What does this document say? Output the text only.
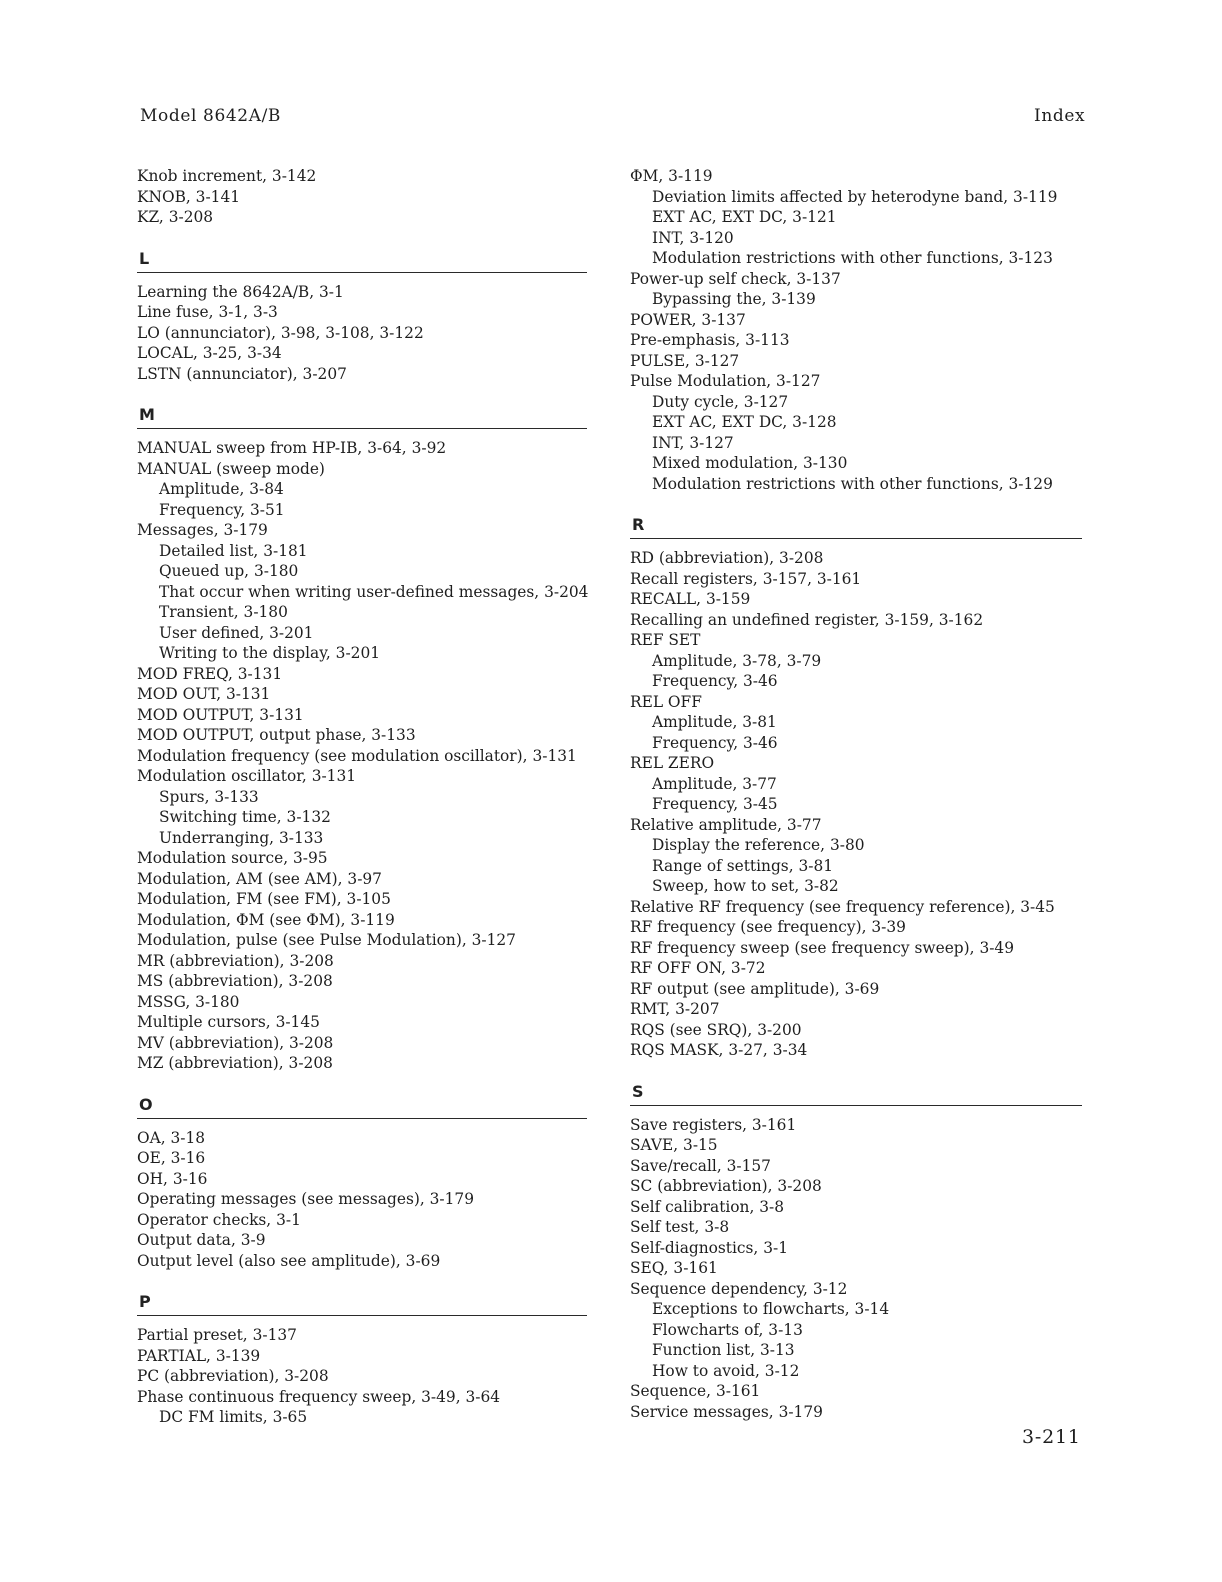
Model 8642A/B	Index
Knob increment, 3-142
KNOB, 3-141
KZ, 3-208
L
Learning the 8642A/B, 3-1
Line fuse, 3-1, 3-3
LO (annunciator), 3-98, 3-108, 3-122
LOCAL, 3-25, 3-34
LSTN (annunciator), 3-207
M
MANUAL sweep from HP-IB, 3-64, 3-92
MANUAL (sweep mode)
Amplitude, 3-84
Frequency, 3-51
Messages, 3-179
Detailed list, 3-181
Queued up, 3-180
That occur when writing user-defined messages, 3-204
Transient, 3-180
User defined, 3-201
Writing to the display, 3-201
MOD FREQ, 3-131
MOD OUT, 3-131
MOD OUTPUT, 3-131
MOD OUTPUT, output phase, 3-133
Modulation frequency (see modulation oscillator), 3-131
Modulation oscillator, 3-131
Spurs, 3-133
Switching time, 3-132
Underranging, 3-133
Modulation source, 3-95
Modulation, AM (see AM), 3-97
Modulation, FM (see FM), 3-105
Modulation, ΦM (see ΦM), 3-119
Modulation, pulse (see Pulse Modulation), 3-127
MR (abbreviation), 3-208
MS (abbreviation), 3-208
MSSG, 3-180
Multiple cursors, 3-145
MV (abbreviation), 3-208
MZ (abbreviation), 3-208
O
OA, 3-18
OE, 3-16
OH, 3-16
Operating messages (see messages), 3-179
Operator checks, 3-1
Output data, 3-9
Output level (also see amplitude), 3-69
P
Partial preset, 3-137
PARTIAL, 3-139
PC (abbreviation), 3-208
Phase continuous frequency sweep, 3-49, 3-64
DC FM limits, 3-65
ΦM, 3-119
Deviation limits affected by heterodyne band, 3-119
EXT AC, EXT DC, 3-121
INT, 3-120
Modulation restrictions with other functions, 3-123
Power-up self check, 3-137
Bypassing the, 3-139
POWER, 3-137
Pre-emphasis, 3-113
PULSE, 3-127
Pulse Modulation, 3-127
Duty cycle, 3-127
EXT AC, EXT DC, 3-128
INT, 3-127
Mixed modulation, 3-130
Modulation restrictions with other functions, 3-129
R
RD (abbreviation), 3-208
Recall registers, 3-157, 3-161
RECALL, 3-159
Recalling an undefined register, 3-159, 3-162
REF SET
Amplitude, 3-78, 3-79
Frequency, 3-46
REL OFF
Amplitude, 3-81
Frequency, 3-46
REL ZERO
Amplitude, 3-77
Frequency, 3-45
Relative amplitude, 3-77
Display the reference, 3-80
Range of settings, 3-81
Sweep, how to set, 3-82
Relative RF frequency (see frequency reference), 3-45
RF frequency (see frequency), 3-39
RF frequency sweep (see frequency sweep), 3-49
RF OFF ON, 3-72
RF output (see amplitude), 3-69
RMT, 3-207
RQS (see SRQ), 3-200
RQS MASK, 3-27, 3-34
S
Save registers, 3-161
SAVE, 3-15
Save/recall, 3-157
SC (abbreviation), 3-208
Self calibration, 3-8
Self test, 3-8
Self-diagnostics, 3-1
SEQ, 3-161
Sequence dependency, 3-12
Exceptions to flowcharts, 3-14
Flowcharts of, 3-13
Function list, 3-13
How to avoid, 3-12
Sequence, 3-161
Service messages, 3-179
3-211
